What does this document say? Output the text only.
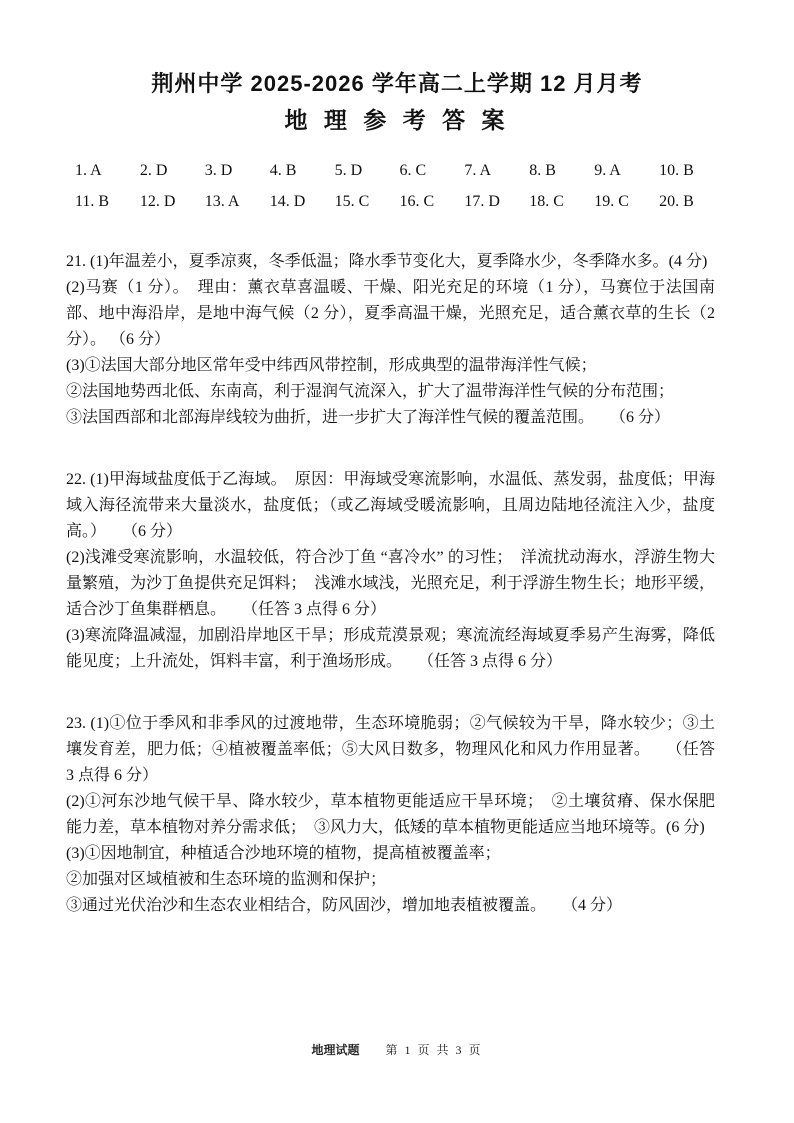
荆州中学 2025-2026 学年高二上学期 12 月月考
地 理 参 考 答 案
1. A	2. D	3. D	4. B	5. D	6. C	7. A	8. B	9. A	10. B
11. B	12. D	13. A	14. D	15. C	16. C	17. D	18. C	19. C	20. B

21. (1)年温差小，夏季凉爽，冬季低温；降水季节变化大，夏季降水少，冬季降水多。(4 分)

(2)马赛（1 分）。　理由：薰衣草喜温暖、干燥、阳光充足的环境（1 分），马赛位于法国南部、地中海沿岸，是地中海气候（2 分），夏季高温干燥，光照充足，适合薰衣草的生长（2 分）。 （6 分）

(3)①法国大部分地区常年受中纬西风带控制，形成典型的温带海洋性气候；

②法国地势西北低、东南高，利于湿润气流深入，扩大了温带海洋性气候的分布范围；

③法国西部和北部海岸线较为曲折，进一步扩大了海洋性气候的覆盖范围。　　（6 分）

22. (1)甲海域盐度低于乙海域。　原因：甲海域受寒流影响，水温低、蒸发弱，盐度低；甲海域入海径流带来大量淡水，盐度低；（或乙海域受暖流影响，且周边陆地径流注入少，盐度高。）　　（6 分）

(2)浅滩受寒流影响，水温较低，符合沙丁鱼 “喜冷水” 的习性；　洋流扰动海水，浮游生物大量繁殖，为沙丁鱼提供充足饵料；　浅滩水域浅，光照充足，利于浮游生物生长；地形平缓，适合沙丁鱼集群栖息。　　（任答 3 点得 6 分）

(3)寒流降温减湿，加剧沿岸地区干旱；形成荒漠景观；寒流流经海域夏季易产生海雾，降低能见度；上升流处，饵料丰富，利于渔场形成。　　（任答 3 点得 6 分）

23. (1)①位于季风和非季风的过渡地带，生态环境脆弱；②气候较为干旱，降水较少；③土壤发育差，肥力低；④植被覆盖率低；⑤大风日数多，物理风化和风力作用显著。　　（任答 3 点得 6 分）

(2)①河东沙地气候干旱、降水较少，草本植物更能适应干旱环境；　②土壤贫瘠、保水保肥能力差，草本植物对养分需求低；　③风力大，低矮的草本植物更能适应当地环境等。(6 分)

(3)①因地制宜，种植适合沙地环境的植物，提高植被覆盖率；

②加强对区域植被和生态环境的监测和保护；

③通过光伏治沙和生态农业相结合，防风固沙，增加地表植被覆盖。　　（4 分）

地理试题 第 1 页 共 3 页
